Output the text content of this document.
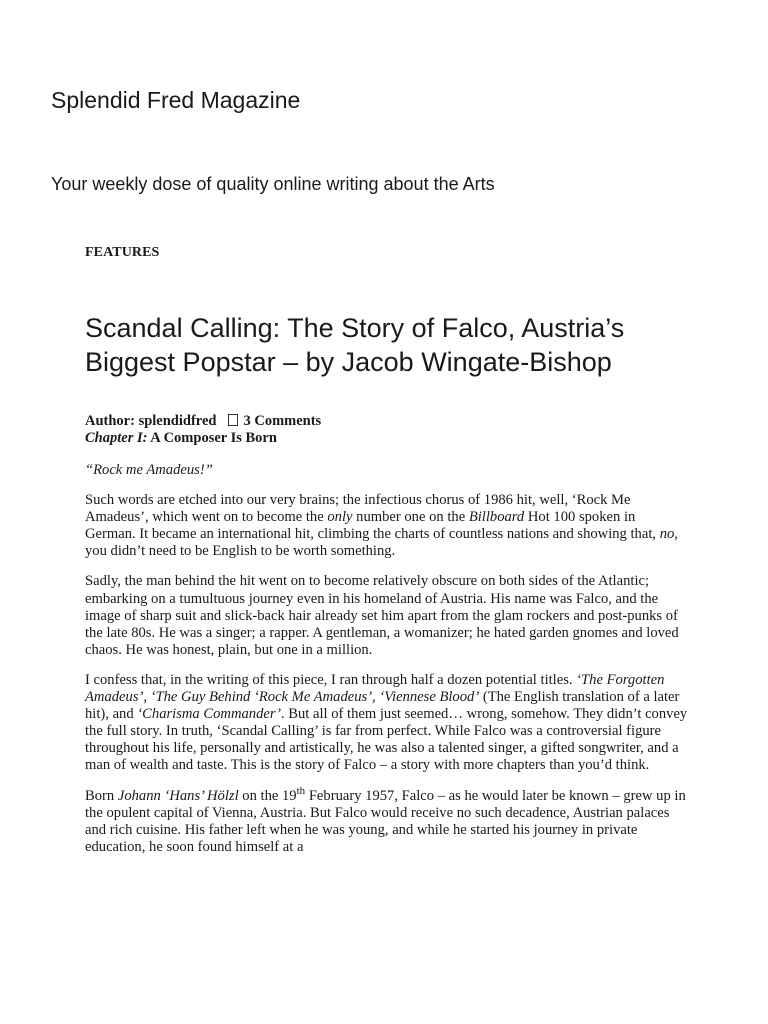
Splendid Fred Magazine
Your weekly dose of quality online writing about the Arts
FEATURES
Scandal Calling: The Story of Falco, Austria’s Biggest Popstar – by Jacob Wingate-Bishop
Author: splendidfred 3 Comments
Chapter I: A Composer Is Born

“Rock me Amadeus!”

Such words are etched into our very brains; the infectious chorus of 1986 hit, well, ‘Rock Me Amadeus’, which went on to become the only number one on the Billboard Hot 100 spoken in German. It became an international hit, climbing the charts of countless nations and showing that, no, you didn’t need to be English to be worth something.

Sadly, the man behind the hit went on to become relatively obscure on both sides of the Atlantic; embarking on a tumultuous journey even in his homeland of Austria. His name was Falco, and the image of sharp suit and slick-back hair already set him apart from the glam rockers and post-punks of the late 80s. He was a singer; a rapper. A gentleman, a womanizer; he hated garden gnomes and loved chaos. He was honest, plain, but one in a million.

I confess that, in the writing of this piece, I ran through half a dozen potential titles. ‘The Forgotten Amadeus’, ‘The Guy Behind ‘Rock Me Amadeus’, ‘Viennese Blood’ (The English translation of a later hit), and ‘Charisma Commander’. But all of them just seemed… wrong, somehow. They didn’t convey the full story. In truth, ‘Scandal Calling’ is far from perfect. While Falco was a controversial figure throughout his life, personally and artistically, he was also a talented singer, a gifted songwriter, and a man of wealth and taste. This is the story of Falco – a story with more chapters than you’d think.

Born Johann ‘Hans’ Hölzl on the 19th February 1957, Falco – as he would later be known – grew up in the opulent capital of Vienna, Austria. But Falco would receive no such decadence, Austrian palaces and rich cuisine. His father left when he was young, and while he started his journey in private education, he soon found himself at a
